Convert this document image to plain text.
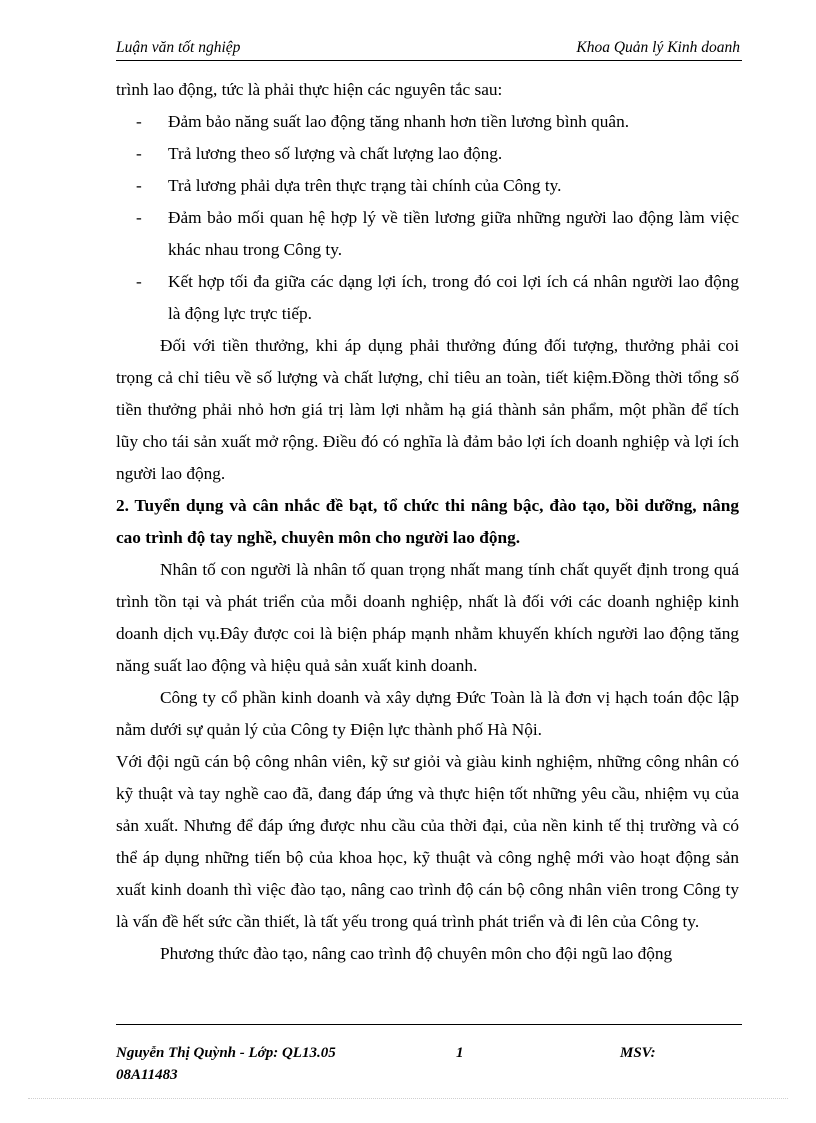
Luận văn tốt nghiệp	Khoa Quản lý Kinh doanh

trình lao động, tức là phải thực hiện các nguyên tắc sau:

- Đảm bảo năng suất lao động tăng nhanh hơn tiền lương bình quân.

- Trả lương theo số lượng và chất lượng lao động.

- Trả lương phải dựa trên thực trạng tài chính của Công ty.

- Đảm bảo mối quan hệ hợp lý về tiền lương giữa những người lao động làm việc khác nhau trong Công ty.

- Kết hợp tối đa giữa các dạng lợi ích, trong đó coi lợi ích cá nhân người lao động là động lực trực tiếp.

Đối với tiền thưởng, khi áp dụng phải thưởng đúng đối tượng, thưởng phải coi trọng cả chỉ tiêu về số lượng và chất lượng, chỉ tiêu an toàn, tiết kiệm.Đồng thời tổng số tiền thưởng phải nhỏ hơn giá trị làm lợi nhằm hạ giá thành sản phẩm, một phần để tích lũy cho tái sản xuất mở rộng. Điều đó có nghĩa là đảm bảo lợi ích doanh nghiệp và lợi ích người lao động.

2. Tuyển dụng và cân nhắc đề bạt, tổ chức thi nâng bậc, đào tạo, bồi dưỡng, nâng cao trình độ tay nghề, chuyên môn cho người lao động.

Nhân tố con người là nhân tố quan trọng nhất mang tính chất quyết định trong quá trình tồn tại và phát triển của mỗi doanh nghiệp, nhất là đối với các doanh nghiệp kinh doanh dịch vụ.Đây được coi là biện pháp mạnh nhằm khuyến khích người lao động tăng năng suất lao động và hiệu quả sản xuất kinh doanh.

Công ty cổ phần kinh doanh và xây dựng Đức Toàn là là đơn vị hạch toán độc lập nằm dưới sự quản lý của Công ty Điện lực thành phố Hà Nội.

Với đội ngũ cán bộ công nhân viên, kỹ sư giỏi và giàu kinh nghiệm, những công nhân có kỹ thuật và tay nghề cao đã, đang đáp ứng và thực hiện tốt những yêu cầu, nhiệm vụ của sản xuất. Nhưng để đáp ứng được nhu cầu của thời đại, của nền kinh tế thị trường và có thể áp dụng những tiến bộ của khoa học, kỹ thuật và công nghệ mới vào hoạt động sản xuất kinh doanh thì việc đào tạo, nâng cao trình độ cán bộ công nhân viên trong Công ty là vấn đề hết sức cần thiết, là tất yếu trong quá trình phát triển và đi lên của Công ty.

Phương thức đào tạo, nâng cao trình độ chuyên môn cho đội ngũ lao động

Nguyễn Thị Quỳnh - Lớp: QL13.05	1	MSV:
08A11483
